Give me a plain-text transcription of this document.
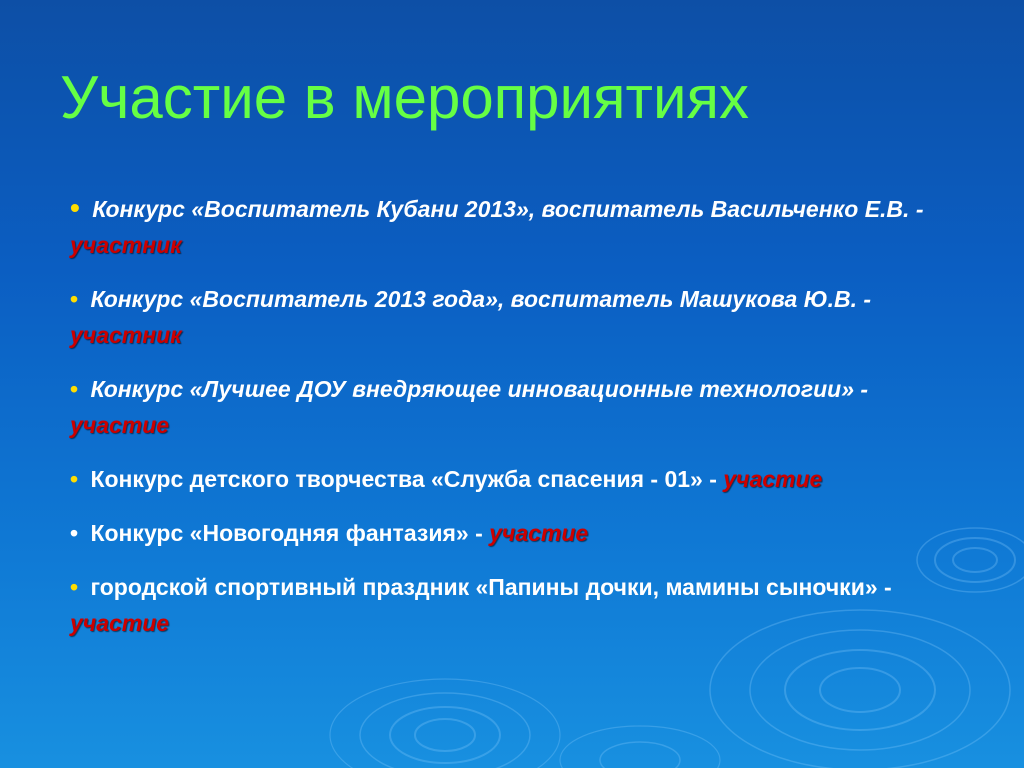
Участие в мероприятиях
• Конкурс «Воспитатель Кубани 2013», воспитатель Васильченко Е.В. - участник
• Конкурс «Воспитатель 2013 года», воспитатель Машукова Ю.В. - участник
• Конкурс «Лучшее ДОУ внедряющее инновационные технологии» - участие
• Конкурс детского творчества «Служба спасения - 01» - участие
• Конкурс «Новогодняя фантазия» - участие
• городской спортивный праздник «Папины дочки, мамины сыночки» - участие
